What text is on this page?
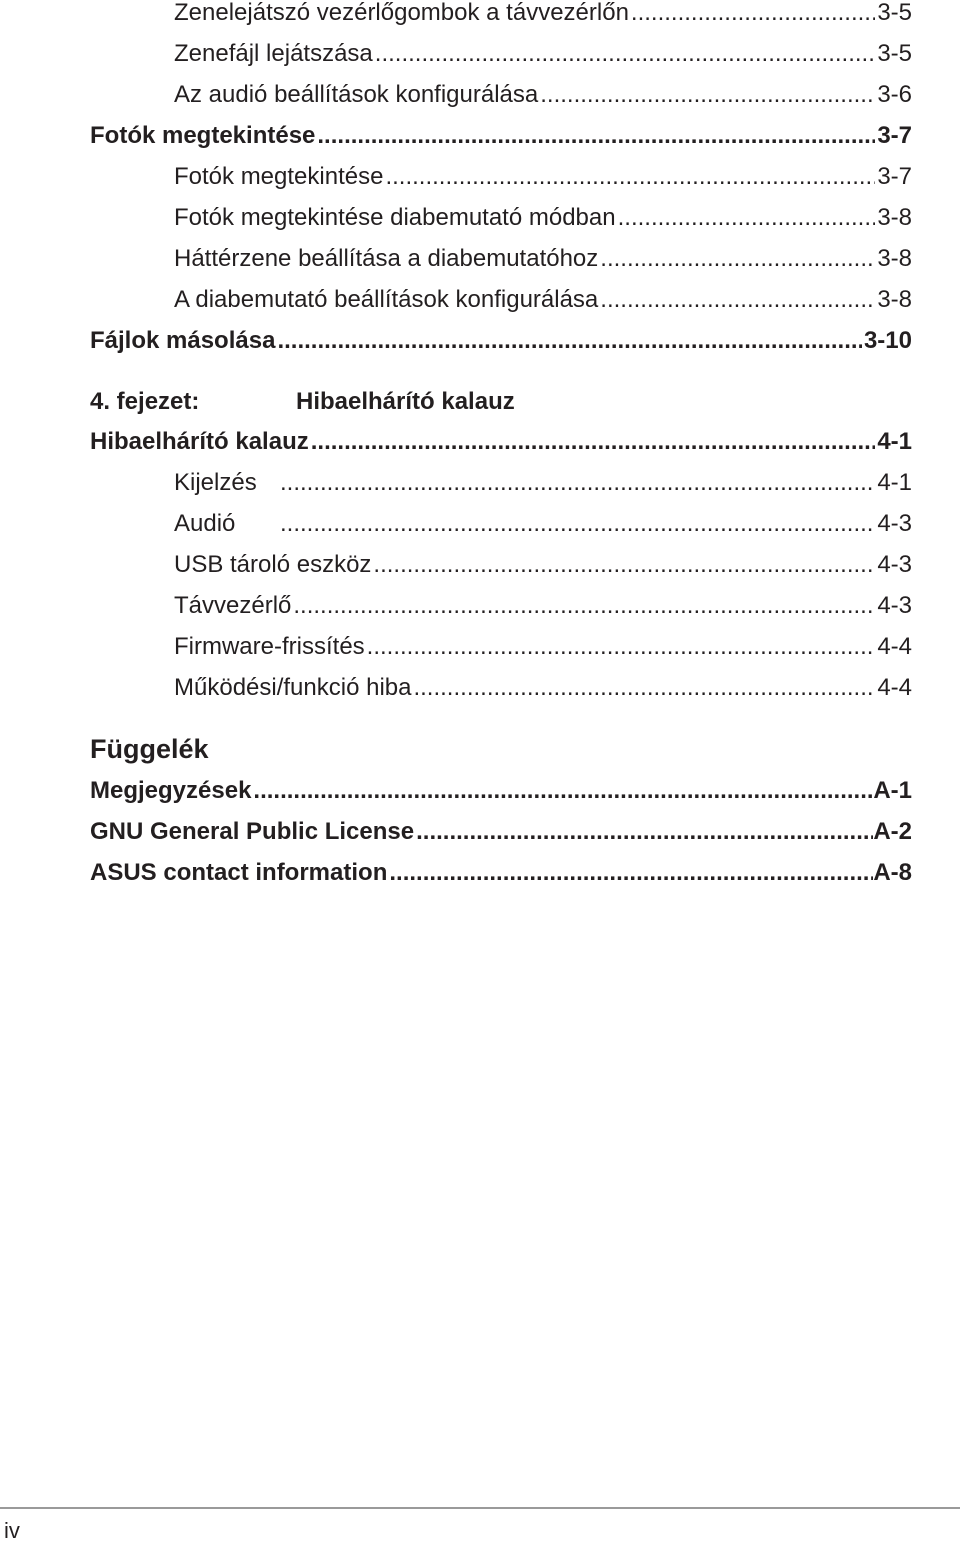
Zenelejátszó vezérlőgombok a távvezérlőn .....	3-5
Zenefájl lejátszása .....	3-5
Az audió beállítások konfigurálása .....	3-6
Fotók megtekintése .....	3-7
Fotók megtekintése .....	3-7
Fotók megtekintése diabemutató módban .....	3-8
Háttérzene beállítása a diabemutatóhoz .....	3-8
A diabemutató beállítások konfigurálása .....	3-8
Fájlok másolása .....	3-10
4. fejezet:	Hibaelhárító kalauz
Hibaelhárító kalauz .....	4-1
Kijelzés .....	4-1
Audió .....	4-3
USB tároló eszköz .....	4-3
Távvezérlő .....	4-3
Firmware-frissítés .....	4-4
Működési/funkció hiba .....	4-4
Függelék
Megjegyzések .....	A-1
GNU General Public License .....	A-2
ASUS contact information .....	A-8
iv
